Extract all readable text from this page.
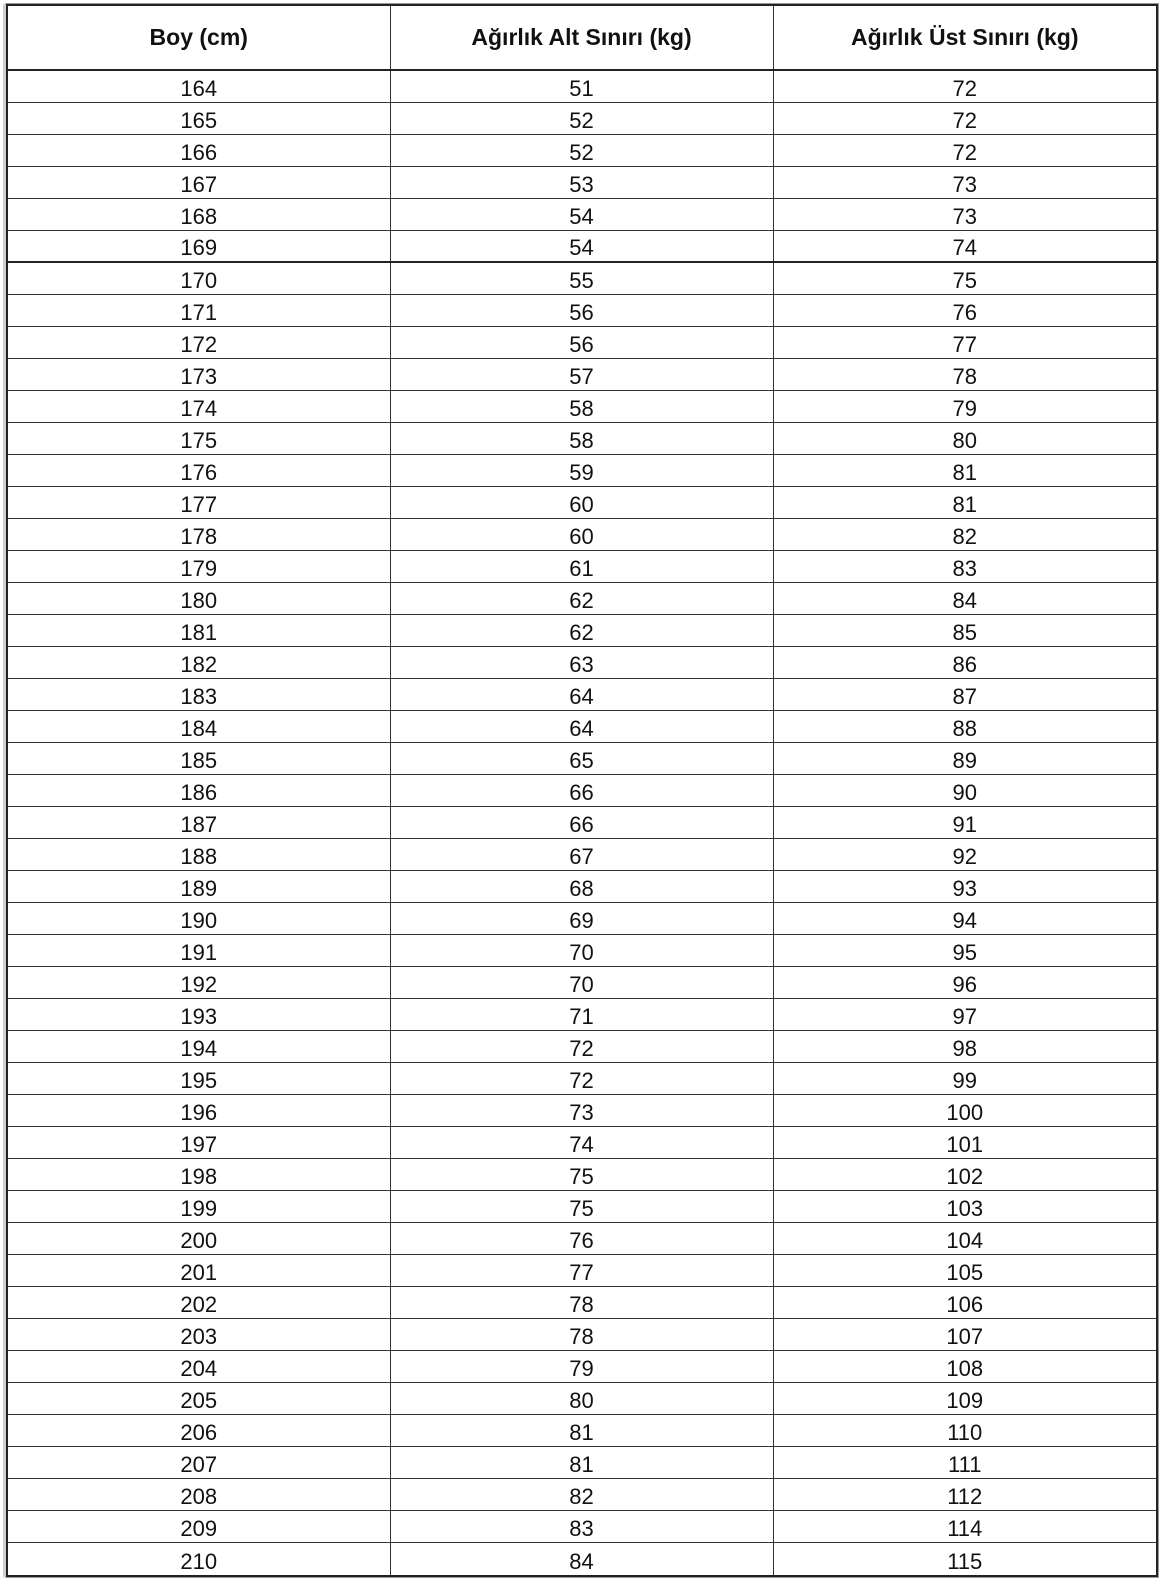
Boy (cm)	Ağırlık Alt Sınırı (kg)	Ağırlık Üst Sınırı (kg)
164	51	72
165	52	72
166	52	72
167	53	73
168	54	73
169	54	74
170	55	75
171	56	76
172	56	77
173	57	78
174	58	79
175	58	80
176	59	81
177	60	81
178	60	82
179	61	83
180	62	84
181	62	85
182	63	86
183	64	87
184	64	88
185	65	89
186	66	90
187	66	91
188	67	92
189	68	93
190	69	94
191	70	95
192	70	96
193	71	97
194	72	98
195	72	99
196	73	100
197	74	101
198	75	102
199	75	103
200	76	104
201	77	105
202	78	106
203	78	107
204	79	108
205	80	109
206	81	110
207	81	111
208	82	112
209	83	114
210	84	115
